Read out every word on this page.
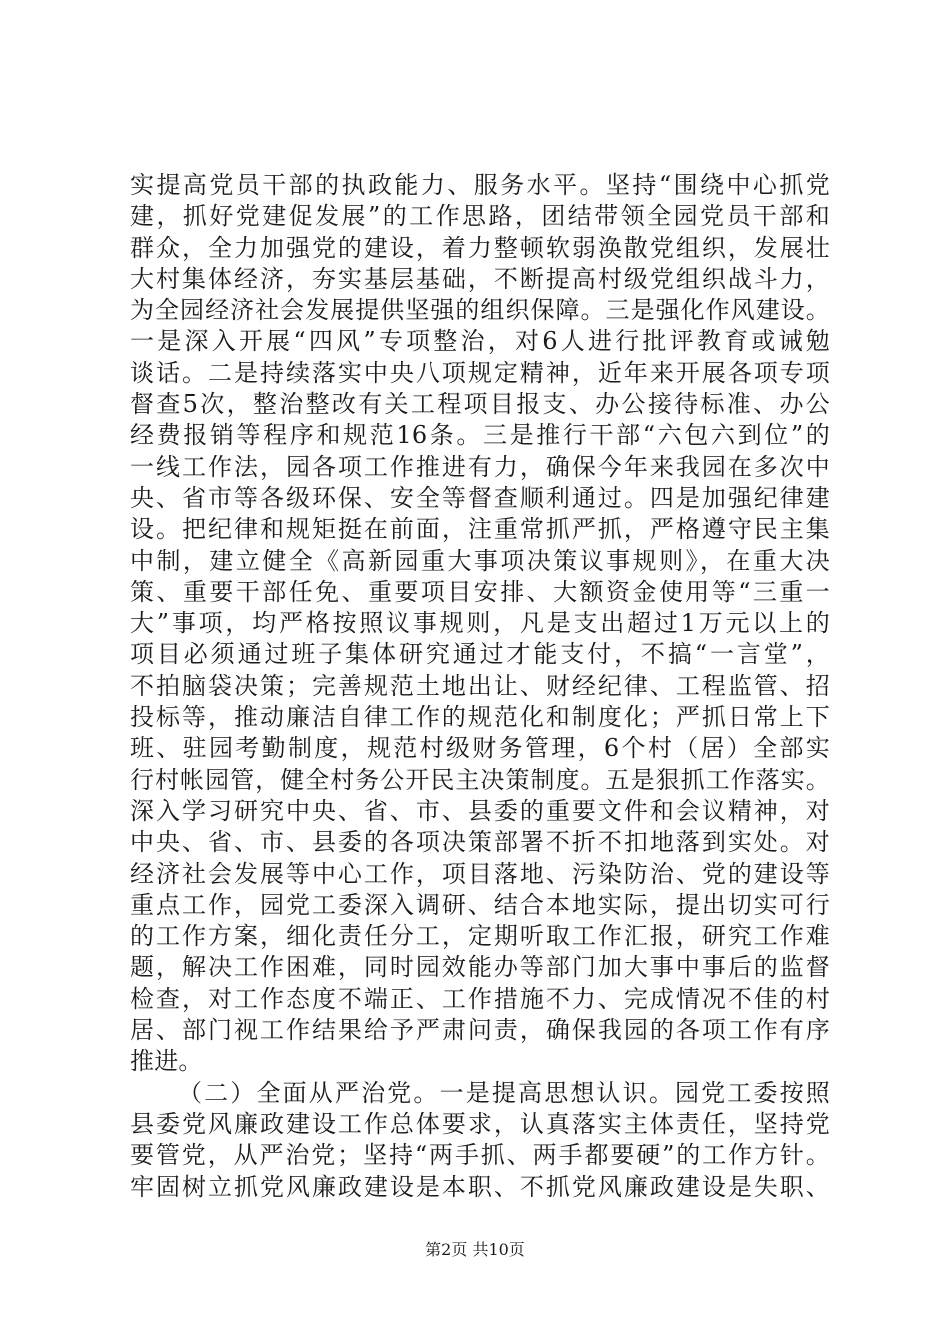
实提高党员干部的执政能力、服务水平。坚持“围绕中心抓党
建，抓好党建促发展”的工作思路，团结带领全园党员干部和
群众，全力加强党的建设，着力整顿软弱涣散党组织，发展壮
大村集体经济，夯实基层基础，不断提高村级党组织战斗力，
为全园经济社会发展提供坚强的组织保障。三是强化作风建设。
一是深入开展“四风”专项整治，对6人进行批评教育或诫勉
谈话。二是持续落实中央八项规定精神，近年来开展各项专项
督查5次，整治整改有关工程项目报支、办公接待标准、办公
经费报销等程序和规范16条。三是推行干部“六包六到位”的
一线工作法，园各项工作推进有力，确保今年来我园在多次中
央、省市等各级环保、安全等督查顺利通过。四是加强纪律建
设。把纪律和规矩挺在前面，注重常抓严抓，严格遵守民主集
中制，建立健全《高新园重大事项决策议事规则》，在重大决
策、重要干部任免、重要项目安排、大额资金使用等“三重一
大”事项，均严格按照议事规则，凡是支出超过1万元以上的
项目必须通过班子集体研究通过才能支付，不搞“一言堂”，
不拍脑袋决策；完善规范土地出让、财经纪律、工程监管、招
投标等，推动廉洁自律工作的规范化和制度化；严抓日常上下
班、驻园考勤制度，规范村级财务管理，6个村（居）全部实
行村帐园管，健全村务公开民主决策制度。五是狠抓工作落实。
深入学习研究中央、省、市、县委的重要文件和会议精神，对
中央、省、市、县委的各项决策部署不折不扣地落到实处。对
经济社会发展等中心工作，项目落地、污染防治、党的建设等
重点工作，园党工委深入调研、结合本地实际，提出切实可行
的工作方案，细化责任分工，定期听取工作汇报，研究工作难
题，解决工作困难，同时园效能办等部门加大事中事后的监督
检查，对工作态度不端正、工作措施不力、完成情况不佳的村
居、部门视工作结果给予严肃问责，确保我园的各项工作有序
推进。
（二）全面从严治党。一是提高思想认识。园党工委按照
县委党风廉政建设工作总体要求，认真落实主体责任，坚持党
要管党，从严治党；坚持“两手抓、两手都要硬”的工作方针。
牢固树立抓党风廉政建设是本职、不抓党风廉政建设是失职、
第2页 共10页
